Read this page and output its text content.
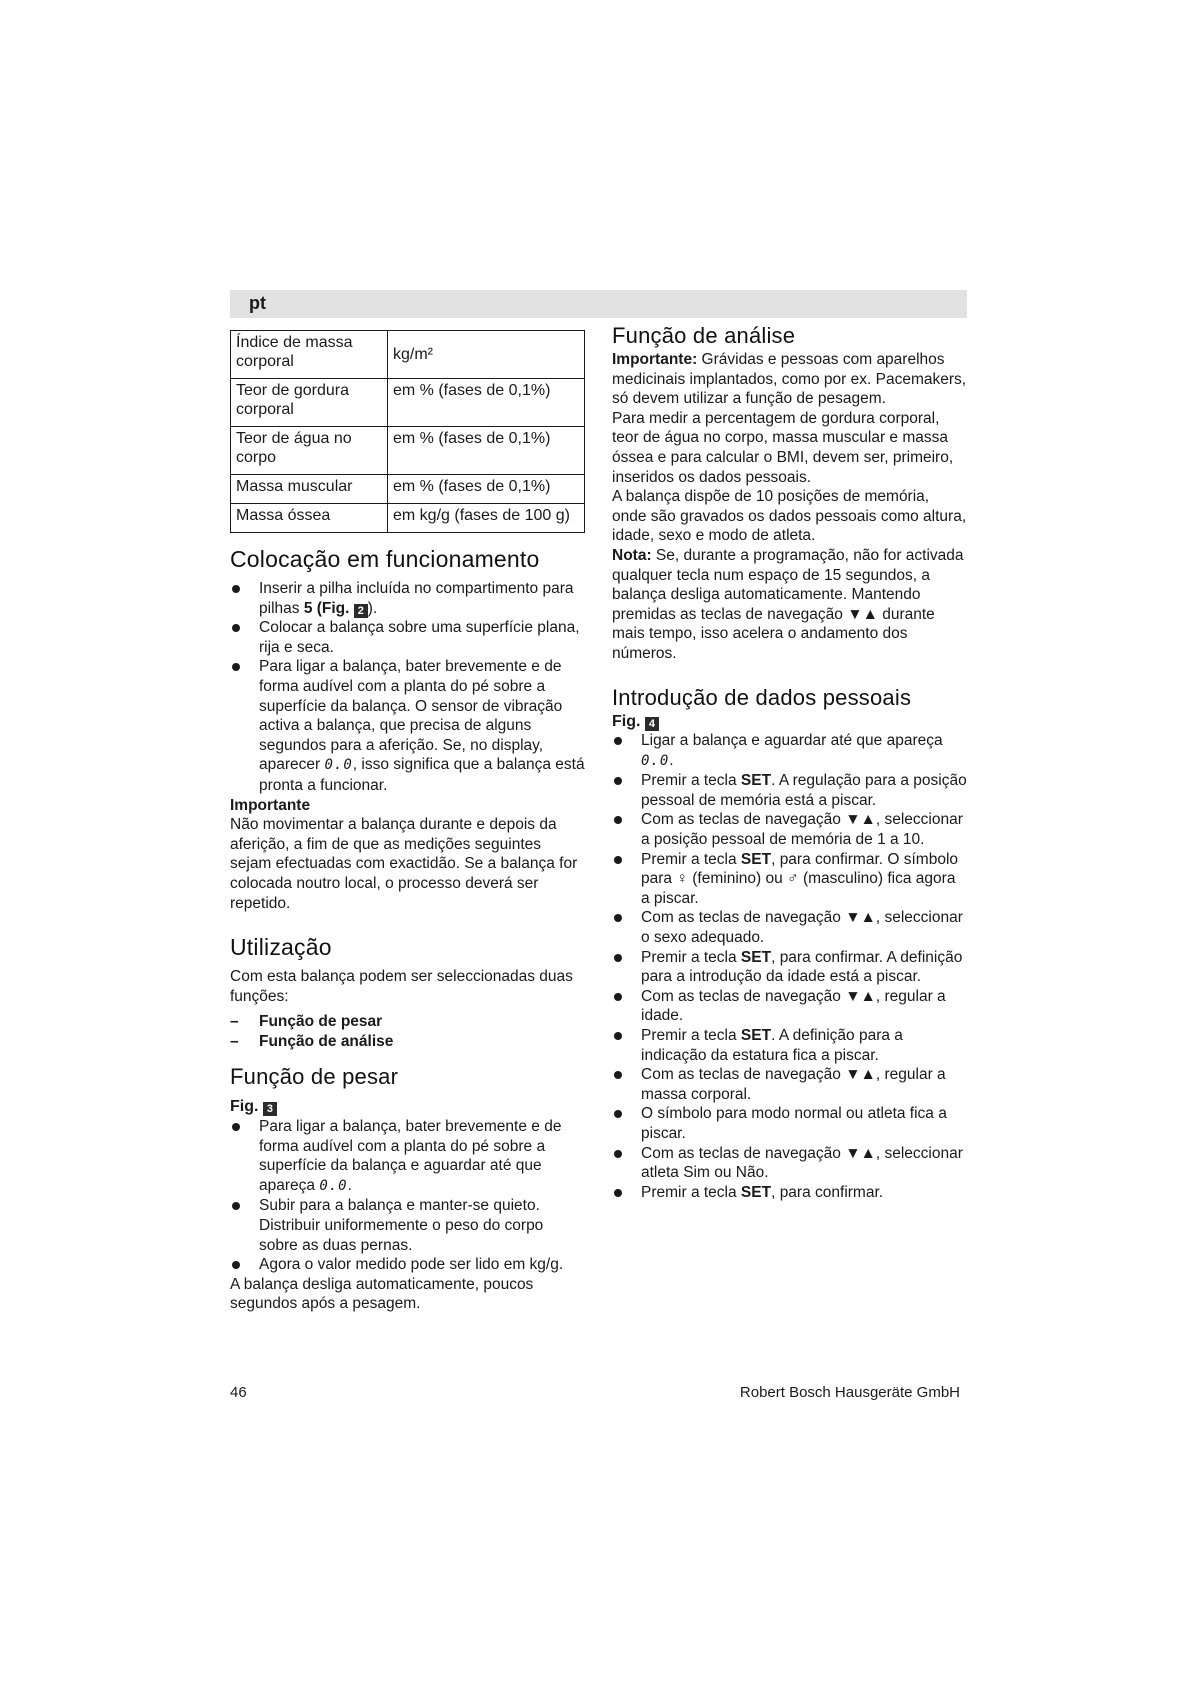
pt
Índice de massa corporal	kg/m²
Teor de gordura corporal	em % (fases de 0,1%)
Teor de água no corpo	em % (fases de 0,1%)
Massa muscular	em % (fases de 0,1%)
Massa óssea	em kg/g (fases de 100 g)
Colocação em funcionamento
Inserir a pilha incluída no compartimento para pilhas 5 (Fig. 2 ).
Colocar a balança sobre uma superfície plana, rija e seca.
Para ligar a balança, bater brevemente e de forma audível com a planta do pé sobre a superfície da balança. O sensor de vibração activa a balança, que precisa de alguns segundos para a aferição. Se, no display, aparecer 0.0, isso significa que a balança está pronta a funcionar.

Importante

Não movimentar a balança durante e depois da aferição, a fim de que as medições seguintes sejam efectuadas com exactidão. Se a balança for colocada noutro local, o processo deverá ser repetido.

Utilização

Com esta balança podem ser seleccionadas duas funções:

– Função de pesar
– Função de análise
Função de pesar

Fig. 3

Para ligar a balança, bater brevemente e de forma audível com a planta do pé sobre a superfície da balança e aguardar até que apareça 0.0.
Subir para a balança e manter-se quieto. Distribuir uniformemente o peso do corpo sobre as duas pernas.
Agora o valor medido pode ser lido em kg/g.

A balança desliga automaticamente, poucos segundos após a pesagem.

Função de análise

Importante: Grávidas e pessoas com aparelhos medicinais implantados, como por ex. Pacemakers, só devem utilizar a função de pesagem.

Para medir a percentagem de gordura corporal, teor de água no corpo, massa muscular e massa óssea e para calcular o BMI, devem ser, primeiro, inseridos os dados pessoais.

A balança dispõe de 10 posições de memória, onde são gravados os dados pessoais como altura, idade, sexo e modo de atleta.

Nota: Se, durante a programação, não for activada qualquer tecla num espaço de 15 segundos, a balança desliga automaticamente. Mantendo premidas as teclas de navegação ▼▲ durante mais tempo, isso acelera o andamento dos números.

Introdução de dados pessoais

Fig. 4

Ligar a balança e aguardar até que apareça 0.0.
Premir a tecla SET. A regulação para a posição pessoal de memória está a piscar.
Com as teclas de navegação ▼▲, seleccionar a posição pessoal de memória de 1 a 10.
Premir a tecla SET, para confirmar. O símbolo para ♀ (feminino) ou ♂ (masculino) fica agora a piscar.
Com as teclas de navegação ▼▲, seleccionar o sexo adequado.
Premir a tecla SET, para confirmar. A definição para a introdução da idade está a piscar.
Com as teclas de navegação ▼▲, regular a idade.
Premir a tecla SET. A definição para a indicação da estatura fica a piscar.
Com as teclas de navegação ▼▲, regular a massa corporal.
O símbolo para modo normal ou atleta fica a piscar.
Com as teclas de navegação ▼▲, seleccionar atleta Sim ou Não.
Premir a tecla SET, para confirmar.
46	Robert Bosch Hausgeräte GmbH
